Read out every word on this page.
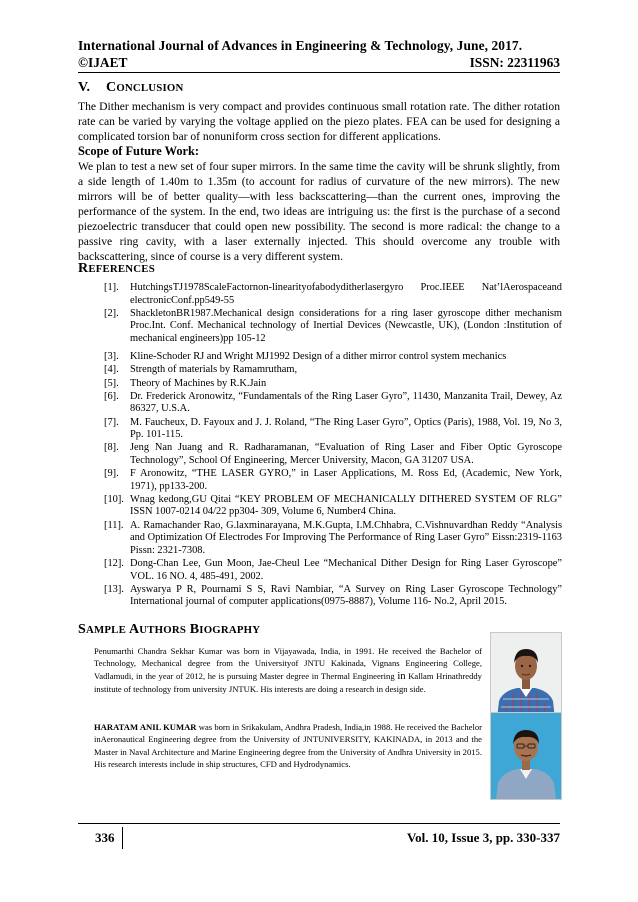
International Journal of Advances in Engineering & Technology, June, 2017.
©IJAET	ISSN: 22311963
V. CONCLUSION
The Dither mechanism is very compact and provides continuous small rotation rate. The dither rotation rate can be varied by varying the voltage applied on the piezo plates. FEA can be used for designing a complicated torsion bar of nonuniform cross section for different applications.
Scope of Future Work:
We plan to test a new set of four super mirrors. In the same time the cavity will be shrunk slightly, from a side length of 1.40m to 1.35m (to account for radius of curvature of the new mirrors). The new mirrors will be of better quality—with less backscattering—than the current ones, improving the performance of the system. In the end, two ideas are intriguing us: the first is the purchase of a second piezoelectric transducer that could open new possibility. The second is more radical: the change to a passive ring cavity, with a laser externally injected. This should overcome any trouble with backscattering, since of course is a very different system.
REFERENCES
[1].	HutchingsTJ1978ScaleFactornon-linearityofabodyditherlasergyro Proc.IEEE Nat’lAerospaceand electronicConf.pp549-55
[2].	ShackletonBR1987.Mechanical design considerations for a ring laser gyroscope dither mechanism Proc.Int. Conf. Mechanical technology of Inertial Devices (Newcastle, UK), (London :Institution of mechanical engineers)pp 105-12
[3].	Kline-Schoder RJ and Wright MJ1992 Design of a dither mirror control system mechanics
[4].	Strength of materials by Ramamrutham,
[5].	Theory of Machines by R.K.Jain
[6].	Dr. Frederick Aronowitz, “Fundamentals of the Ring Laser Gyro”, 11430, Manzanita Trail, Dewey, Az 86327, U.S.A.
[7].	M. Faucheux, D. Fayoux and J. J. Roland, “The Ring Laser Gyro”, Optics (Paris), 1988, Vol. 19, No 3, Pp. 101-115.
[8].	Jeng Nan Juang and R. Radharamanan, “Evaluation of Ring Laser and Fiber Optic Gyroscope Technology”, School Of Engineering, Mercer University, Macon, GA 31207 USA.
[9].	F Aronowitz, “THE LASER GYRO,” in Laser Applications, M. Ross Ed, (Academic, New York, 1971), pp133-200.
[10]. Wnag kedong,GU Qitai “KEY PROBLEM OF MECHANICALLY DITHERED SYSTEM OF RLG” ISSN 1007-0214 04/22 pp304- 309, Volume 6, Number4 China.
[11]. A. Ramachander Rao, G.laxminarayana, M.K.Gupta, I.M.Chhabra, C.Vishnuvardhan Reddy “Analysis and Optimization Of Electrodes For Improving The Performance of Ring Laser Gyro” Eissn:2319-1163 Pissn: 2321-7308.
[12]. Dong-Chan Lee, Gun Moon, Jae-Cheul Lee “Mechanical Dither Design for Ring Laser Gyroscope” VOL. 16 NO. 4, 485-491, 2002.
[13]. Ayswarya P R, Pournami S S, Ravi Nambiar, “A Survey on Ring Laser Gyroscope Technology” International journal of computer applications(0975-8887), Volume 116- No.2, April 2015.
SAMPLE AUTHORS BIOGRAPHY
Penumarthi Chandra Sekhar Kumar was born in Vijayawada, India, in 1991. He received the Bachelor of Technology, Mechanical degree from the Universityof JNTU Kakinada, Vignans Engineering College, Vadlamudi, in the year of 2012, he is pursuing Master degree in Thermal Engineering in Kallam Hrinathreddy institute of technology from university JNTUK. His interests are doing a research in design side.
HARATAM ANIL KUMAR was born in Srikakulam, Andhra Pradesh, India,in 1988. He received the Bachelor inAeronautical Engineering degree from the University of JNTUNIVERSITY, KAKINADA, in 2013 and the Master in Naval Architecture and Marine Engineering degree from the University of Andhra University in 2015. His research interests include in ship structures, CFD and Hydrodynamics.
336	Vol. 10, Issue 3, pp. 330-337
